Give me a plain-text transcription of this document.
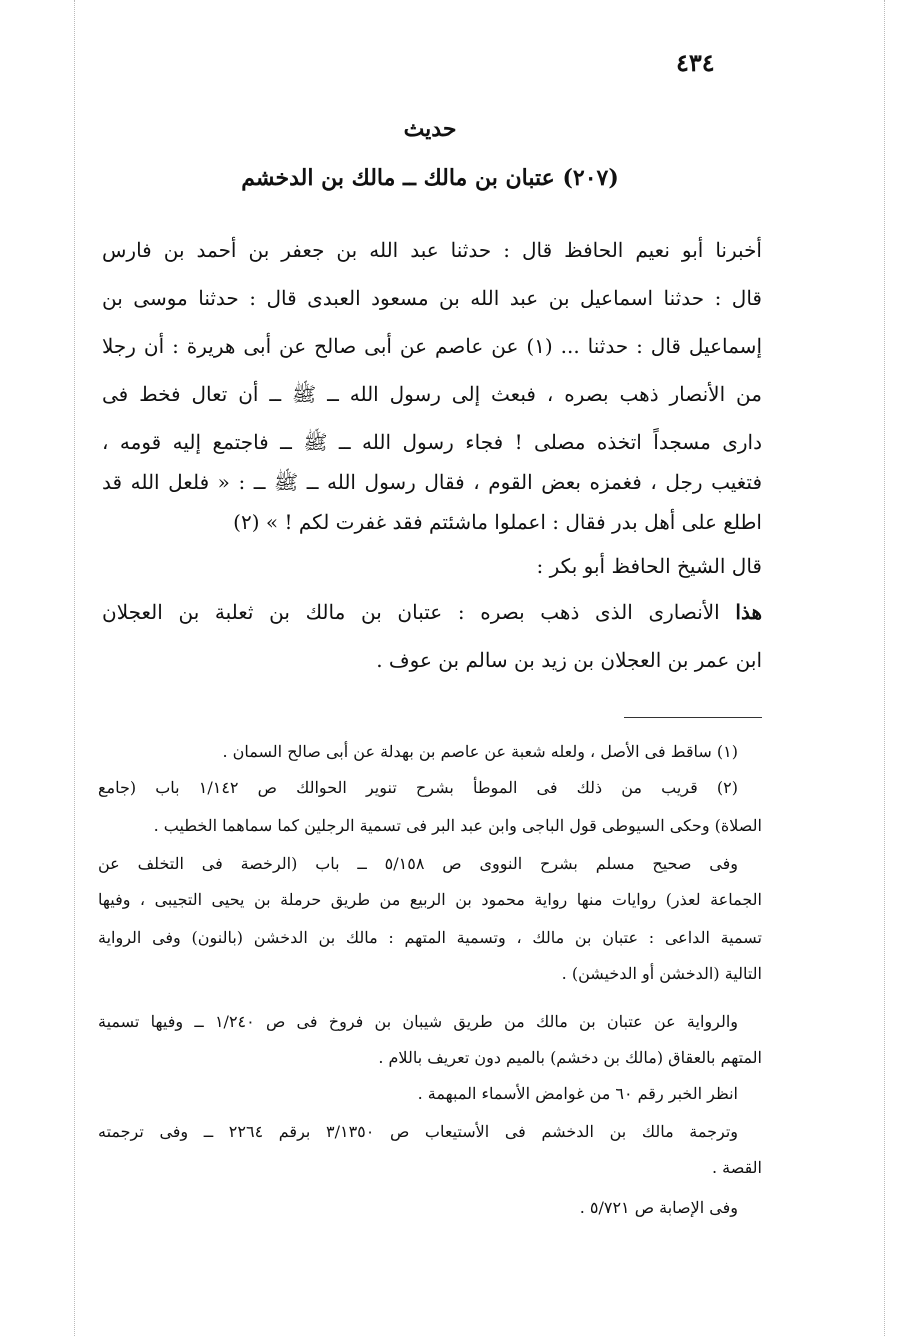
٤٣٤
حديث
(٢٠٧) عتبان بن مالك ــ مالك بن الدخشم
أخبرنا أبو نعيم الحافظ قال : حدثنا عبد الله بن جعفر بن أحمد بن فارس
قال : حدثنا اسماعيل بن عبد الله بن مسعود العبدى قال : حدثنا موسى بن
إسماعيل قال : حدثنا ... (١) عن عاصم عن أبى صالح عن أبى هريرة : أن رجلا
من الأنصار ذهب بصره ، فبعث إلى رسول الله ــ ﷺ ــ أن تعال فخط فى
دارى مسجداً اتخذه مصلى ! فجاء رسول الله ــ ﷺ ــ فاجتمع إليه قومه ،
فتغيب رجل ، فغمزه بعض القوم ، فقال رسول الله ــ ﷺ ــ : « فلعل الله قد
اطلع على أهل بدر فقال : اعملوا ماشئتم فقد غفرت لكم ! » (٢)
قال الشيخ الحافظ أبو بكر :
هذا الأنصارى الذى ذهب بصره : عتبان بن مالك بن ثعلبة بن العجلان
ابن عمر بن العجلان بن زيد بن سالم بن عوف .
(١) ساقط فى الأصل ، ولعله شعبة عن عاصم بن بهدلة عن أبى صالح السمان .
(٢) قريب من ذلك فى الموطأ بشرح تنوير الحوالك ص ١/١٤٢ باب (جامع
الصلاة) وحكى السيوطى قول الباجى وابن عبد البر فى تسمية الرجلين كما سماهما الخطيب .
وفى صحيح مسلم بشرح النووى ص ٥/١٥٨ ــ باب (الرخصة فى التخلف عن
الجماعة لعذر) روايات منها رواية محمود بن الربيع من طريق حرملة بن يحيى التجيبى ، وفيها
تسمية الداعى : عتبان بن مالك ، وتسمية المتهم : مالك بن الدخشن (بالنون) وفى الرواية
التالية (الدخشن أو الدخيشن) .
والرواية عن عتبان بن مالك من طريق شيبان بن فروخ فى ص ١/٢٤٠ ــ وفيها تسمية
المتهم بالعقاق (مالك بن دخشم) بالميم دون تعريف باللام .
انظر الخبر رقم ٦٠ من غوامض الأسماء المبهمة .
وترجمة مالك بن الدخشم فى الأستيعاب ص ٣/١٣٥٠ برقم ٢٢٦٤ ــ وفى ترجمته
القصة .
وفى الإصابة ص ٥/٧٢١ .
